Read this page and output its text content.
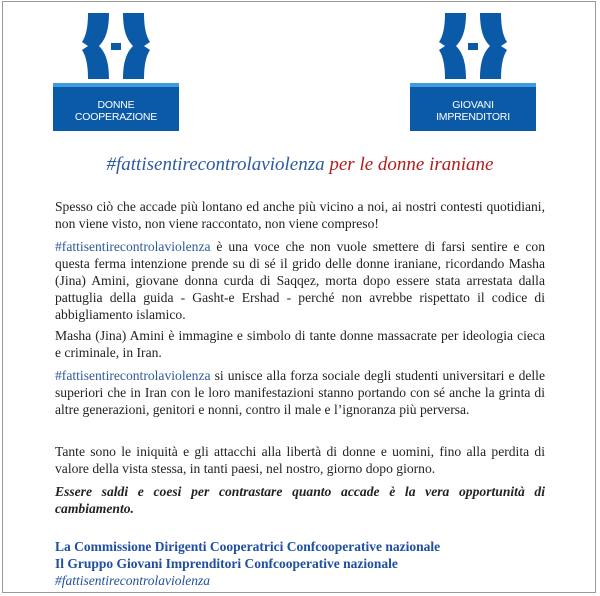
DONNE
COOPERAZIONE
GIOVANI
IMPRENDITORI
#fattisentirecontrolaviolenza per le donne iraniane

Spesso ciò che accade più lontano ed anche più vicino a noi, ai nostri contesti quotidiani, non viene visto, non viene raccontato, non viene compreso!

#fattisentirecontrolaviolenza è una voce che non vuole smettere di farsi sentire e con questa ferma intenzione prende su di sé il grido delle donne iraniane, ricordando Masha (Jina) Amini, giovane donna curda di Saqqez, morta dopo essere stata arrestata dalla pattuglia della guida - Gasht-e Ershad - perché non avrebbe rispettato il codice di abbigliamento islamico.

Masha (Jina) Amini è immagine e simbolo di tante donne massacrate per ideologia cieca e criminale, in Iran.

#fattisentirecontrolaviolenza si unisce alla forza sociale degli studenti universitari e delle superiori che in Iran con le loro manifestazioni stanno portando con sé anche la grinta di altre generazioni, genitori e nonni, contro il male e l’ignoranza più perversa.

Tante sono le iniquità e gli attacchi alla libertà di donne e uomini, fino alla perdita di valore della vista stessa, in tanti paesi, nel nostro, giorno dopo giorno.

Essere saldi e coesi per contrastare quanto accade è la vera opportunità di cambiamento.

La Commissione Dirigenti Cooperatrici Confcooperative nazionale
Il Gruppo Giovani Imprenditori Confcooperative nazionale
#fattisentirecontrolaviolenza
